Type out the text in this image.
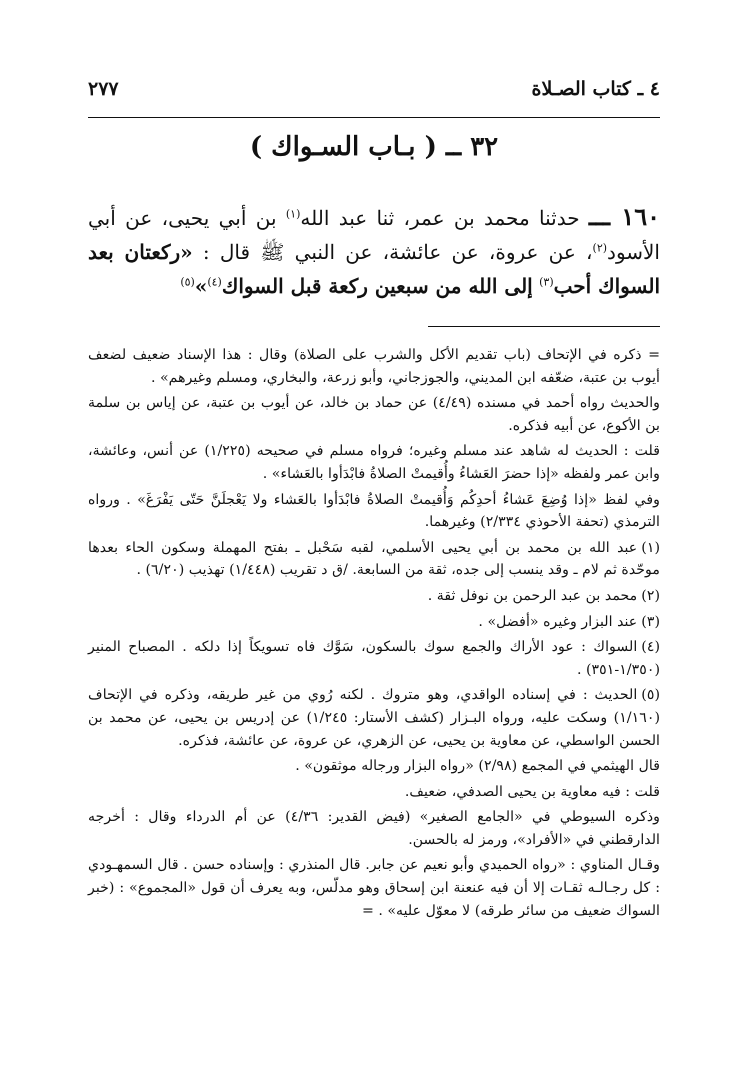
٤ ـ كتاب الصـلاة
٢٧٧
٣٢ ــ ( بـاب السـواك )

١٦٠ ـــ حدثنا محمد بن عمر، ثنا عبد الله$^{(١)}$ بن أبي يحيى، عن أبي الأسود$^{(٢)}$، عن عروة، عن عائشة، عن النبي ﷺ قال : «ركعتان بعد السواك أحب$^{(٣)}$ إلى الله من سبعين ركعة قبل السواك$^{(٤)}$»$^{(٥)}$

= ذكره في الإتحاف (باب تقديم الأكل والشرب على الصلاة) وقال : هذا الإسناد ضعيف لضعف أيوب بن عتبة، ضعّفه ابن المديني، والجوزجاني، وأبو زرعة، والبخاري، ومسلم وغيرهم» .

والحديث رواه أحمد في مسنده (٤/٤٩) عن حماد بن خالد، عن أيوب بن عتبة، عن إياس بن سلمة بن الأكوع، عن أبيه فذكره.

قلت : الحديث له شاهد عند مسلم وغيره؛ فرواه مسلم في صحيحه (١/٢٢٥) عن أنس، وعائشة، وابن عمر ولفظه «إذا حضرَ العَشاءُ وأُقيمتْ الصلاةُ فابْدَأوا بالعَشاء» .

وفي لفظ «إذا وُضِعَ عَشاءُ أحدِكُم وَأُقيمتْ الصلاةُ فابْدَأوا بالعَشاء ولا يَعْجلَنَّ حَتّى يَفْرَغَ» . ورواه الترمذي (تحفة الأحوذي ٢/٣٣٤) وغيرهما.

(١)عبد الله بن محمد بن أبي يحيى الأسلمي، لقبه سَحْبل ـ بفتح المهملة وسكون الحاء بعدها موحّدة ثم لام ـ وقد ينسب إلى جده، ثقة من السابعة. /ق د تقريب (١/٤٤٨) تهذيب (٦/٢٠) .

(٢)محمد بن عبد الرحمن بن نوفل ثقة .

(٣)عند البزار وغيره «أفضل» .

(٤)السواك : عود الأراك والجمع سوك بالسكون، سَوَّك فاه تسويكاً إذا دلكه . المصباح المنير (١/٣٥٠-٣٥١) .

(٥)الحديث : في إسناده الواقدي، وهو متروك . لكنه رُوي من غير طريقه، وذكره في الإتحاف (١/١٦٠) وسكت عليه، ورواه البـزار (كشف الأستار: ١/٢٤٥) عن إدريس بن يحيى، عن محمد بن الحسن الواسطي، عن معاوية بن يحيى، عن الزهري، عن عروة، عن عائشة، فذكره.

قال الهيثمي في المجمع (٢/٩٨) «رواه البزار ورجاله موثقون» .

قلت : فيه معاوية بن يحيى الصدفي، ضعيف.

وذكره السيوطي في «الجامع الصغير» (فيض القدير: ٤/٣٦) عن أم الدرداء وقال : أخرجه الدارقطني في «الأفراد»، ورمز له بالحسن.

وقـال المناوي : «رواه الحميدي وأبو نعيم عن جابر. قال المنذري : وإسناده حسن . قال السمهـودي : كل رجـالـه ثقـات إلا أن فيه عنعنة ابن إسحاق وهو مدلّس، وبه يعرف أن قول «المجموع» : (خبر السواك ضعيف من سائر طرقه) لا معوّل عليه» . =
